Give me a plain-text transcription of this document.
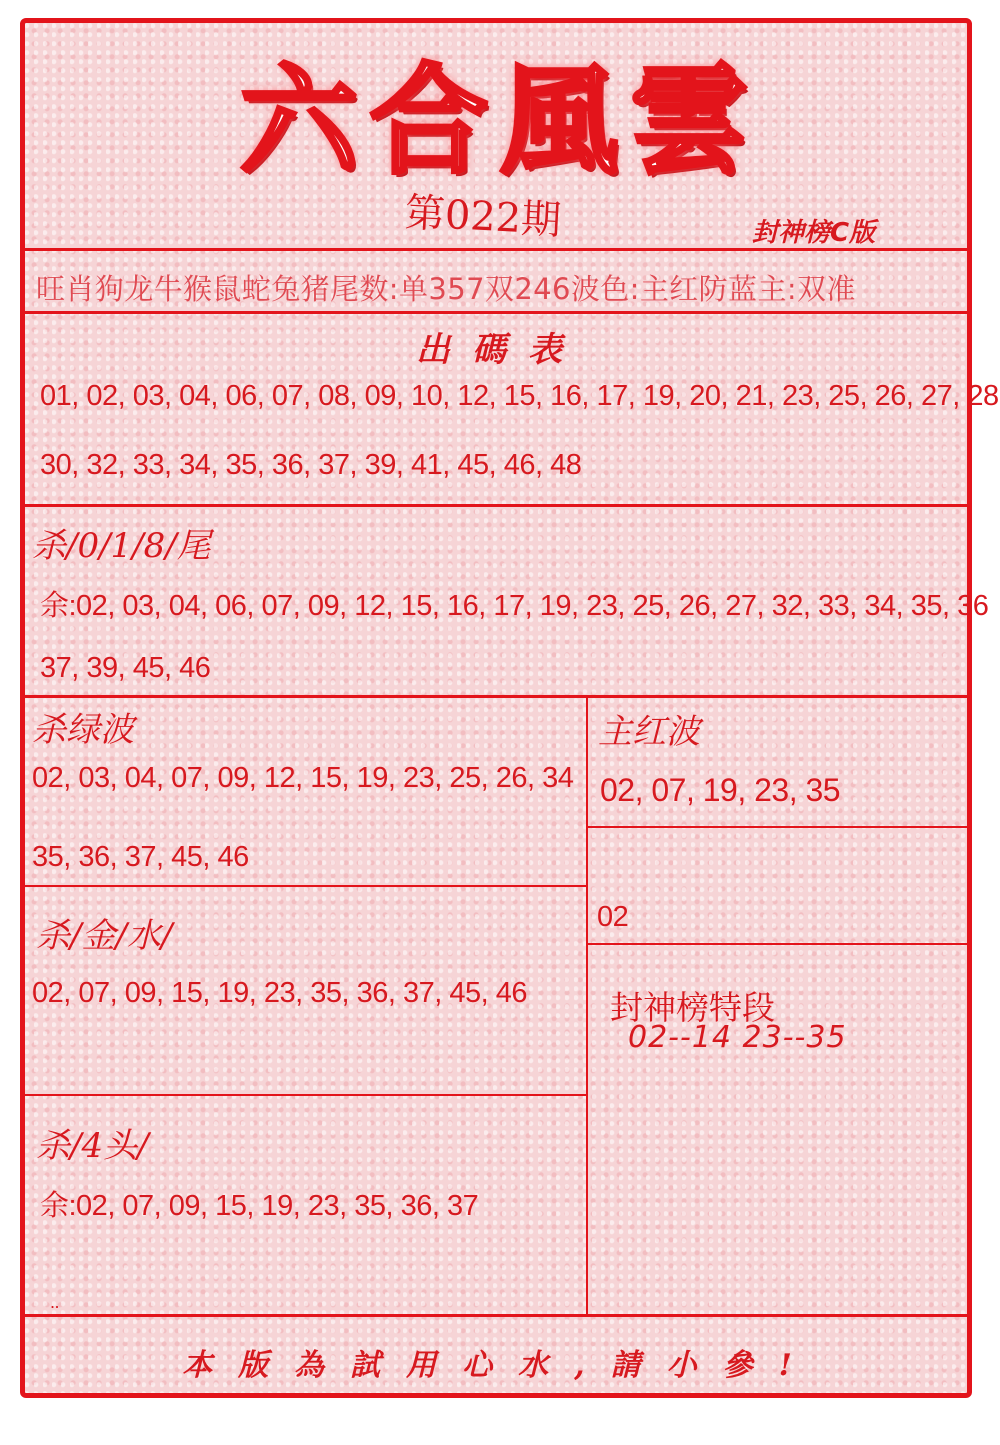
六合風雲
第022期	封神榜C版
旺肖狗龙牛猴鼠蛇兔猪尾数:单357双246波色:主红防蓝主:双准
出碼表
01, 02, 03, 04, 06, 07, 08, 09, 10, 12, 15, 16, 17, 19, 20, 21, 23, 25, 26, 27, 28
30, 32, 33, 34, 35, 36, 37, 39, 41, 45, 46, 48
杀/0/1/8/尾
余:02, 03, 04, 06, 07, 09, 12, 15, 16, 17, 19, 23, 25, 26, 27, 32, 33, 34, 35, 36
37, 39, 45, 46
杀绿波
02, 03, 04, 07, 09, 12, 15, 19, 23, 25, 26, 34
35, 36, 37, 45, 46
杀/金/水/
02, 07, 09, 15, 19, 23, 35, 36, 37, 45, 46
杀/4头/
余:02, 07, 09, 15, 19, 23, 35, 36, 37
..
主红波
02, 07, 19, 23, 35
02
封神榜特段
02--14 23--35
本版為試用心水,請小參!
